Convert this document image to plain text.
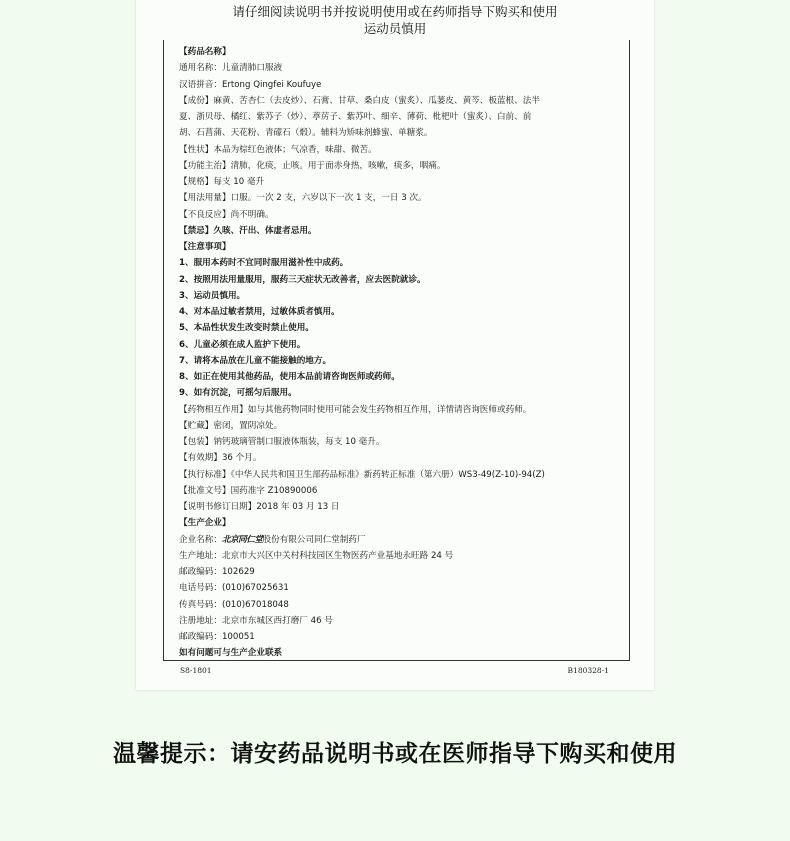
请仔细阅读说明书并按说明使用或在药师指导下购买和使用
运动员慎用
【药品名称】
通用名称：儿童清肺口服液
汉语拼音：Ertong Qingfei Koufuye
【成份】麻黄、苦杏仁（去皮炒）、石膏、甘草、桑白皮（蜜炙）、瓜蒌皮、黄芩、板蓝根、法半
夏、浙贝母、橘红、紫苏子（炒）、葶苈子、紫苏叶、细辛、薄荷、枇杷叶（蜜炙）、白前、前
胡、石菖蒲、天花粉、青礞石（煅）。辅料为矫味剂蜂蜜、单糖浆。
【性状】本品为棕红色液体；气凉香，味甜、微苦。
【功能主治】清肺，化痰，止咳。用于面赤身热，咳嗽，痰多，咽痛。
【规格】每支 10 毫升
【用法用量】口服。一次 2 支，六岁以下一次 1 支，一日 3 次。
【不良反应】尚不明确。
【禁忌】久咳、汗出、体虚者忌用。
【注意事项】
1、服用本药时不宜同时服用滋补性中成药。
2、按照用法用量服用，服药三天症状无改善者，应去医院就诊。
3、运动员慎用。
4、对本品过敏者禁用，过敏体质者慎用。
5、本品性状发生改变时禁止使用。
6、儿童必须在成人监护下使用。
7、请将本品放在儿童不能接触的地方。
8、如正在使用其他药品，使用本品前请咨询医师或药师。
9、如有沉淀，可摇匀后服用。
【药物相互作用】如与其他药物同时使用可能会发生药物相互作用，详情请咨询医师或药师。
【贮藏】密闭，置阴凉处。
【包装】钠钙玻璃管制口服液体瓶装，每支 10 毫升。
【有效期】36 个月。
【执行标准】《中华人民共和国卫生部药品标准》新药转正标准（第六册）WS3-49(Z-10)-94(Z)
【批准文号】国药准字 Z10890006
【说明书修订日期】2018 年 03 月 13 日
【生产企业】
企业名称：北京同仁堂股份有限公司同仁堂制药厂
生产地址：北京市大兴区中关村科技园区生物医药产业基地永旺路 24 号
邮政编码：102629
电话号码：(010)67025631
传真号码：(010)67018048
注册地址：北京市东城区西打磨厂 46 号
邮政编码：100051
如有问题可与生产企业联系
S8-1801	B180328-1
温馨提示：请安药品说明书或在医师指导下购买和使用
